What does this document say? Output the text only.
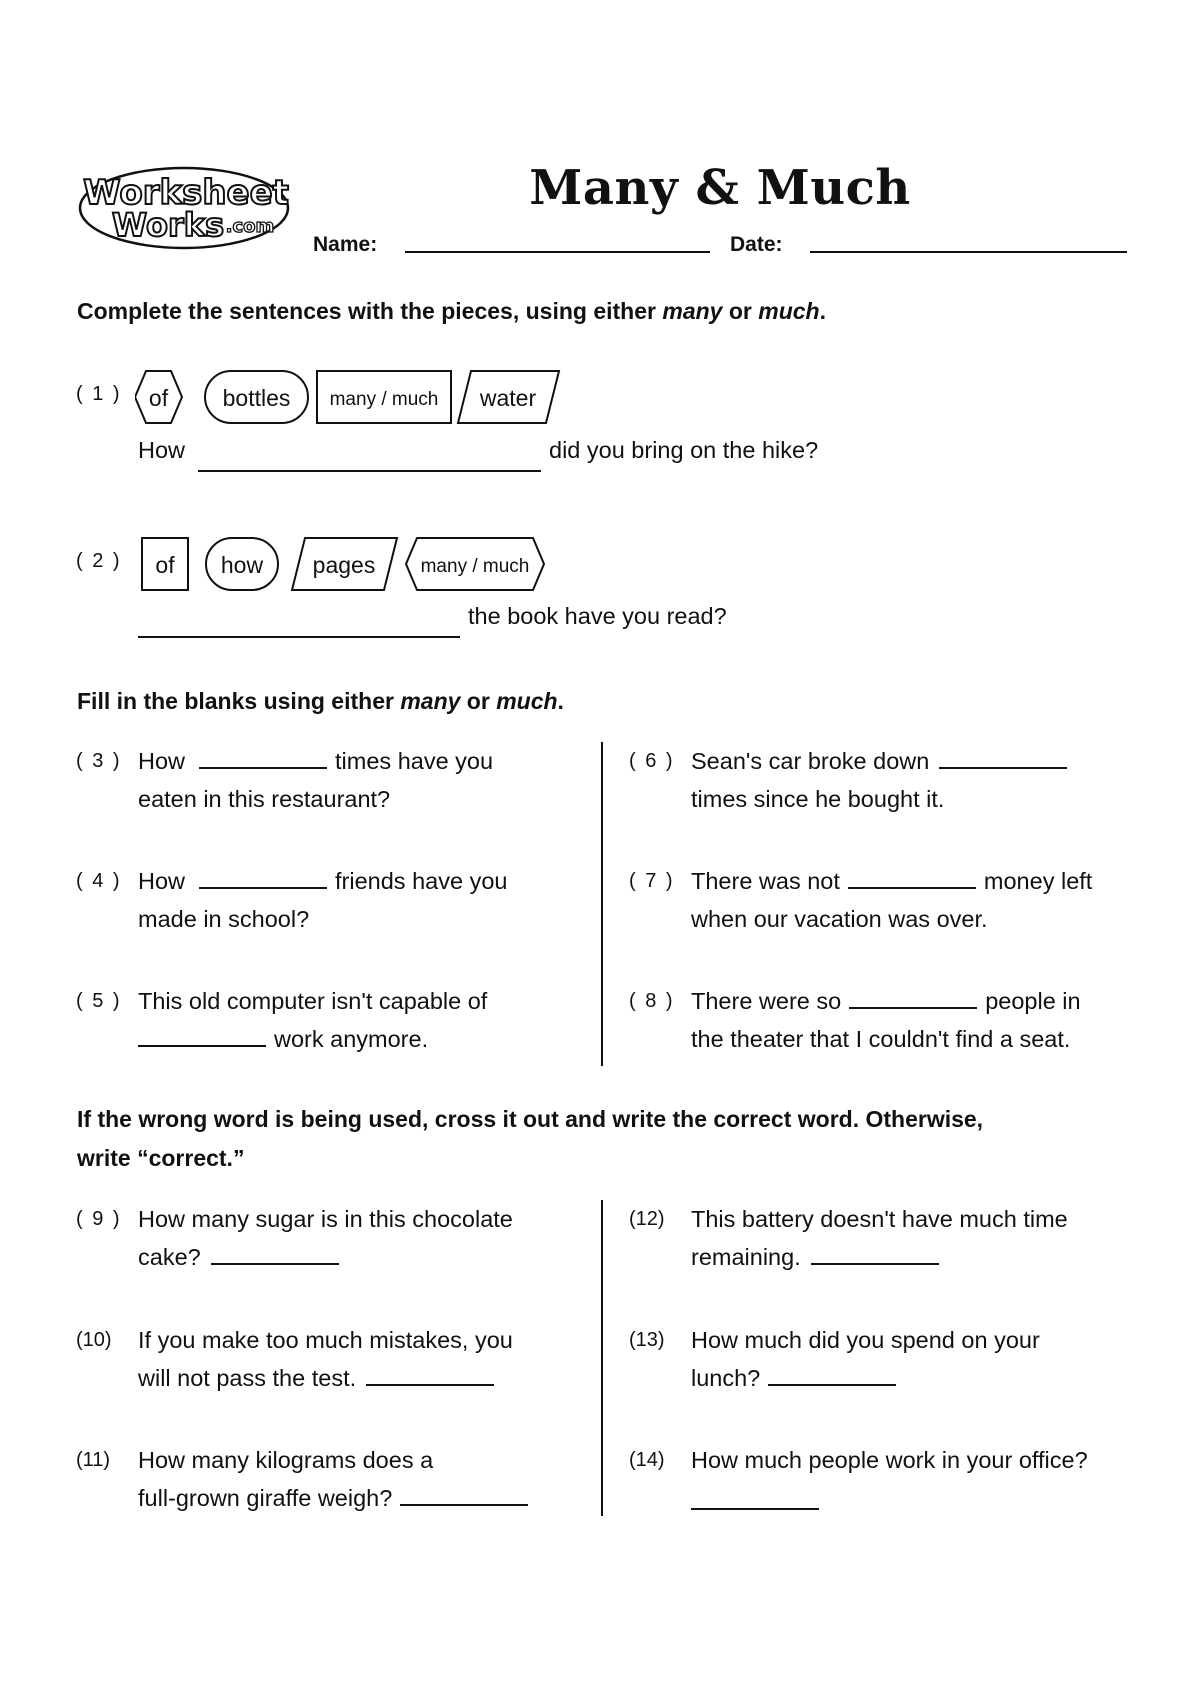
Worksheet
Works .com
Many & Much
Name:	Date:
Complete the sentences with the pieces, using either many or much.
( 1 ) of bottles many / much water
How	did you bring on the hike?
( 2 ) of how pages many / much
the book have you read?
Fill in the blanks using either many or much.
( 3 ) How	times have you
eaten in this restaurant?
( 4 ) How	friends have you
made in school?
( 5 ) This old computer isn't capable of
work anymore.
( 6 ) Sean's car broke down
times since he bought it.
( 7 ) There was not	money left
when our vacation was over.
( 8 ) There were so	people in
the theater that I couldn't find a seat.
If the wrong word is being used, cross it out and write the correct word. Otherwise,
write “correct.”
( 9 ) How many sugar is in this chocolate
cake?
(10) If you make too much mistakes, you
will not pass the test.
(11) How many kilograms does a
full-grown giraffe weigh?
(12) This battery doesn't have much time
remaining.
(13) How much did you spend on your
lunch?
(14) How much people work in your office?
